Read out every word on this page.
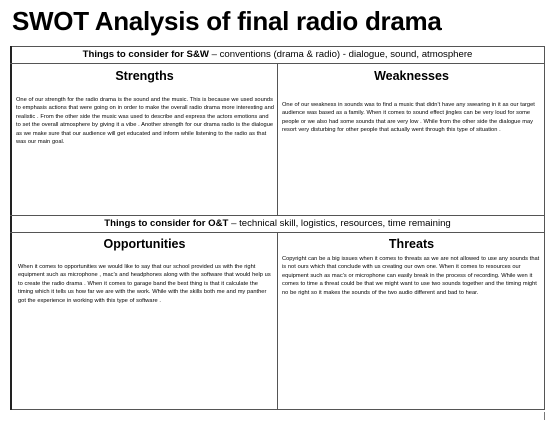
SWOT Analysis of final radio drama
Things to consider for S&W – conventions (drama & radio) - dialogue, sound, atmosphere
Strengths
One of our strength for the radio drama is the sound and the music. This is because we used sounds to emphasis actions that were going on in order to make the overall radio drama more interesting and realistic . From the other side the music was used to describe and express the actors emotions and to set the overall atmosphere by giving it a vibe . Another strength for our drama radio is the dialogue as we make sure that our audience will get educated and inform while listening to the radio as that was our main goal.
Weaknesses
One of our weakness in sounds was to find a music that didn’t have any swearing in it as our target audience was based as a family. When it comes to sound effect jingles can be very loud for some people or we also had some sounds that are very low . While from the other side the dialogue may resort very disturbing for other people that actually went through this type of situation .
Things to consider for O&T – technical skill, logistics, resources, time remaining
Opportunities
When it comes to opportunities we would like to say that our school provided us with the right equipment such as microphone , mac’s and headphones along with the software that would help us to create the radio drama . When it comes to garage band the best thing is that it calculate the timing which it tells us how far we are with the work. While with the skills both me and my panther got the experience in working with this type of software .
Threats
Copyright can be a big issues when it comes to threats as we are not allowed to use any sounds that is not ours which that conclude with us creating our own one. When it comes to resources our equipment such as mac’s or microphone can easily break in the process of recording. While wen it comes to time a threat could be that we might want to use two sounds together and the timing might no be right so it makes the sounds of the two audio different and bad to hear.
